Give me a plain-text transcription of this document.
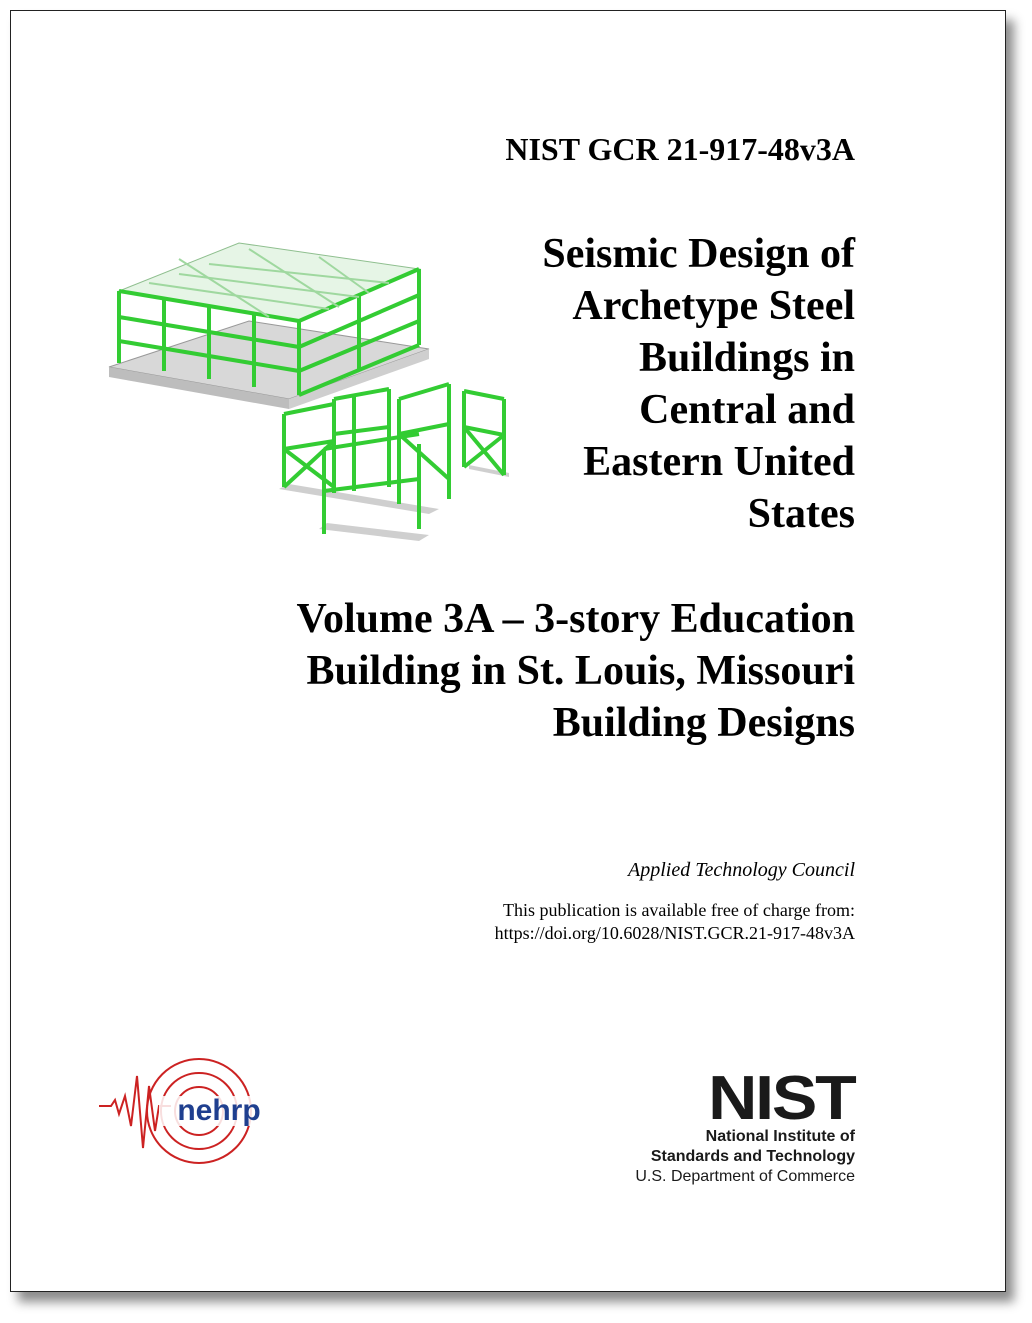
NIST GCR 21-917-48v3A
Seismic Design of
Archetype Steel
Buildings in
Central and
Eastern United
States
Volume 3A – 3-story Education
Building in St. Louis, Missouri
Building Designs
Applied Technology Council
This publication is available free of charge from:
https://doi.org/10.6028/NIST.GCR.21-917-48v3A
nehrp	NIST
National Institute of
Standards and Technology
U.S. Department of Commerce
